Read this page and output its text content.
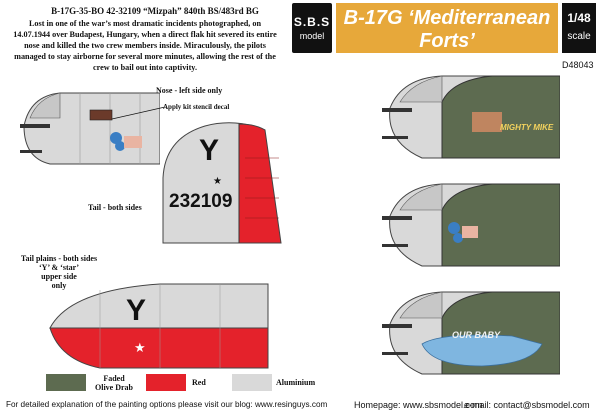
S.B.S
model
B-17G ‘Mediterranean Forts’
US 15th Air Force in Italy
1/48
scale
D48043
B-17G-35-BO 42-32109 “Mizpah” 840th BS/483rd BG
Lost in one of the war’s most dramatic incidents photographed, on 14.07.1944 over Budapest, Hungary, when a direct flak hit severed its entire nose and killed the two crew members inside. Miraculously, the pilots managed to stay airborne for several more minutes, allowing the rest of the crew to bail out into captivity.
Nose - left side only
Apply kit stencil decal
Y
232109
★
Tail - both sides
Y
★
Tail plains - both sides
‘Y’ & ‘star’
upper side
only
MIGHTY MIKE
OUR BABY
Faded
Olive Drab
Red	Aluminium
For detailed explanation of the painting options please visit our blog: www.resinguys.com	Homepage: www.sbsmodel.com
e-mail: contact@sbsmodel.com
